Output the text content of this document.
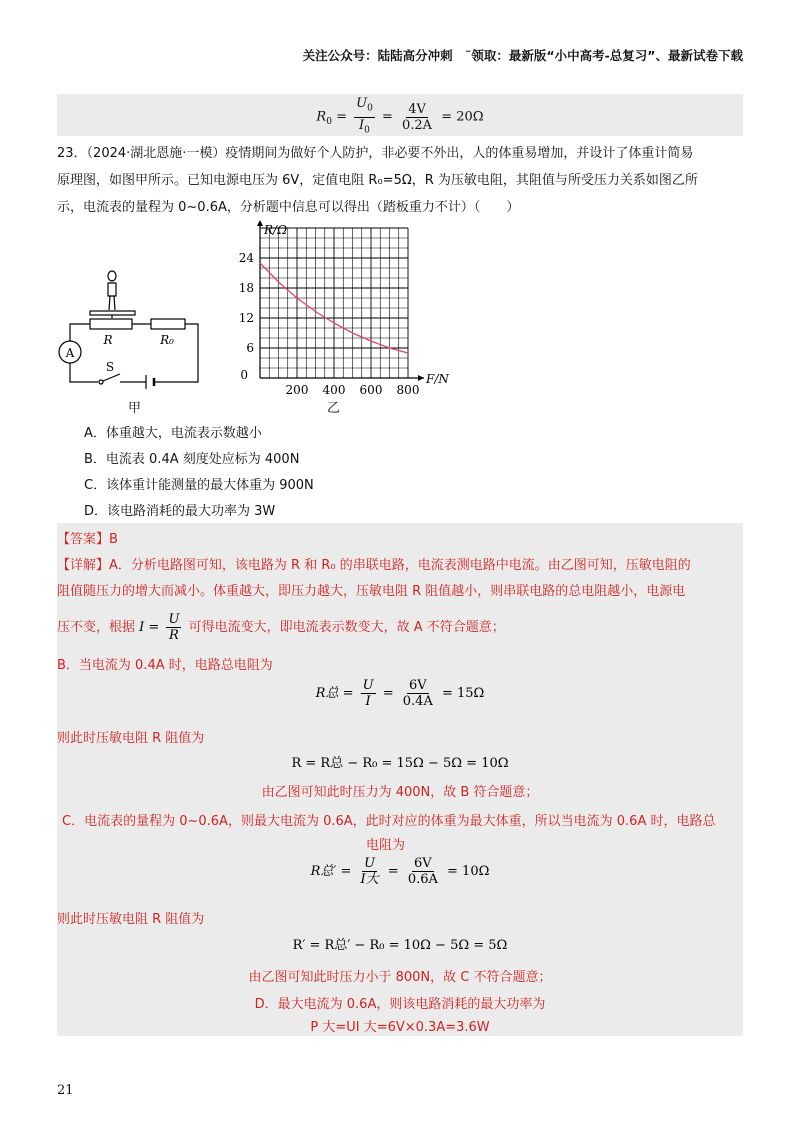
关注公众号：陆陆高分冲刺　˜领取：最新版“小中高考-总复习”、最新试卷下载
$R_0 = \frac{U_0}{I_0} = \frac{4V}{0.2A} = 20\Omega$
23．（2024·湖北恩施·一模）疫情期间为做好个人防护，非必要不外出，人的体重易增加，并设计了体重计简易
原理图，如图甲所示。已知电源电压为 6V，定值电阻 R₀=5Ω，R 为压敏电阻，其阻值与所受压力关系如图乙所
示，电流表的量程为 0~0.6A，分析题中信息可以得出（踏板重力不计）（　　）
A
R	R₀
S
甲
24
18
12
6
0
200 400 600 800
R/Ω
F/N
乙
A．体重越大，电流表示数越小
B．电流表 0.4A 刻度处应标为 400N
C．该体重计能测量的最大体重为 900N
D．该电路消耗的最大功率为 3W
【答案】B
【详解】A．分析电路图可知，该电路为 R 和 R₀ 的串联电路，电流表测电路中电流。由乙图可知，压敏电阻的
阻值随压力的增大而减小。体重越大，即压力越大，压敏电阻 R 阻值越小，则串联电路的总电阻越小，电源电
压不变，根据 $I = \frac{U}{R}$ 可得电流变大，即电流表示数变大，故 A 不符合题意；
B．当电流为 0.4A 时，电路总电阻为
R总 = $\frac{U}{I} = \frac{6V}{0.4A} = 15\Omega$
则此时压敏电阻 R 阻值为
R = R总 − R₀ = 15Ω − 5Ω = 10Ω
由乙图可知此时压力为 400N，故 B 符合题意；
C．电流表的量程为 0~0.6A，则最大电流为 0.6A，此时对应的体重为最大体重，所以当电流为 0.6A 时，电路总
电阻为
R总′ = $\frac{U}{\text{I大}} = \frac{6V}{0.6A} = 10\Omega$
则此时压敏电阻 R 阻值为
R′ = R总′ − R₀ = 10Ω − 5Ω = 5Ω
由乙图可知此时压力小于 800N，故 C 不符合题意；
D．最大电流为 0.6A，则该电路消耗的最大功率为
P 大=UI 大=6V×0.3A=3.6W
21
